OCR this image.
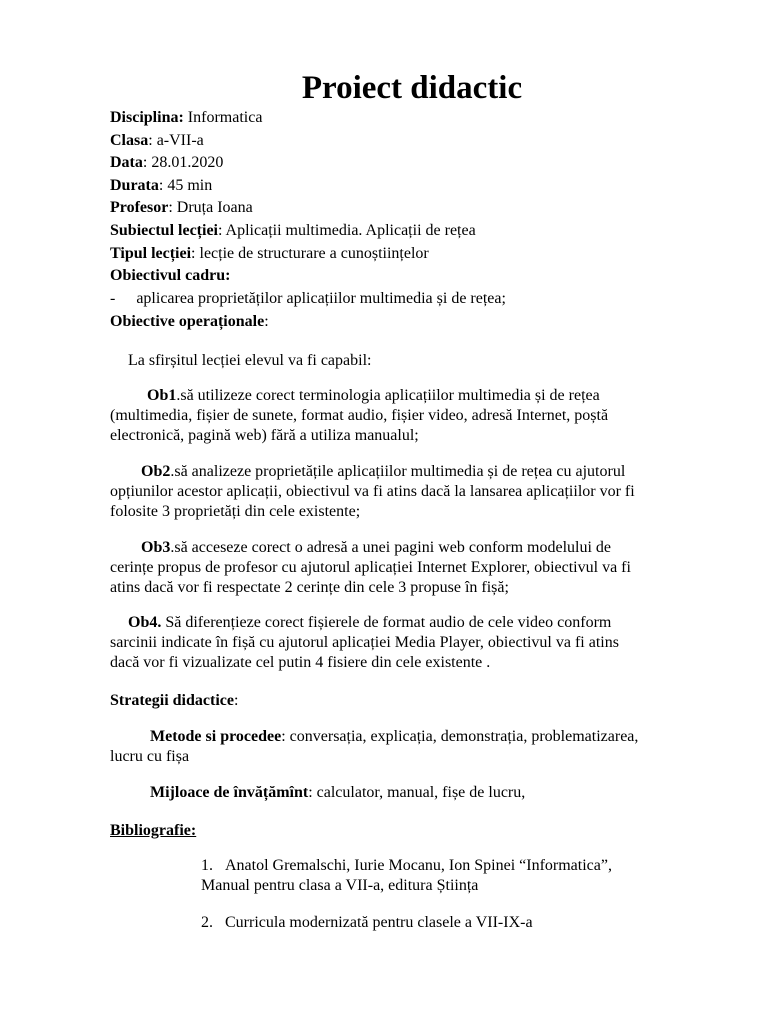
Proiect didactic
Disciplina: Informatica
Clasa: a-VII-a
Data: 28.01.2020
Durata: 45 min
Profesor: Druța Ioana
Subiectul lecției: Aplicații multimedia. Aplicații de rețea
Tipul lecției: lecție de structurare a cunoștiințelor
Obiectivul cadru:
- aplicarea proprietăților aplicațiilor multimedia și de rețea;
Obiective operaționale:
La sfirșitul lecției elevul va fi capabil:
Ob1.să utilizeze corect terminologia aplicațiilor multimedia și de rețea
(multimedia, fișier de sunete, format audio, fișier video, adresă Internet, poștă
electronică, pagină web) fără a utiliza manualul;
Ob2.să analizeze proprietățile aplicațiilor multimedia și de rețea cu ajutorul
opțiunilor acestor aplicații, obiectivul va fi atins dacă la lansarea aplicațiilor vor fi
folosite 3 proprietăți din cele existente;
Ob3.să acceseze corect o adresă a unei pagini web conform modelului de
cerințe propus de profesor cu ajutorul aplicației Internet Explorer, obiectivul va fi
atins dacă vor fi respectate 2 cerințe din cele 3 propuse în fișă;
Ob4. Să diferențieze corect fișierele de format audio de cele video conform
sarcinii indicate în fișă cu ajutorul aplicației Media Player, obiectivul va fi atins
dacă vor fi vizualizate cel putin 4 fisiere din cele existente .
Strategii didactice:
Metode si procedee: conversația, explicația, demonstrația, problematizarea,
lucru cu fișa
Mijloace de învățămînt: calculator, manual, fișe de lucru,
Bibliografie:
1. Anatol Gremalschi, Iurie Mocanu, Ion Spinei “Informatica”,
Manual pentru clasa a VII-a, editura Știința
2. Curricula modernizată pentru clasele a VII-IX-a
